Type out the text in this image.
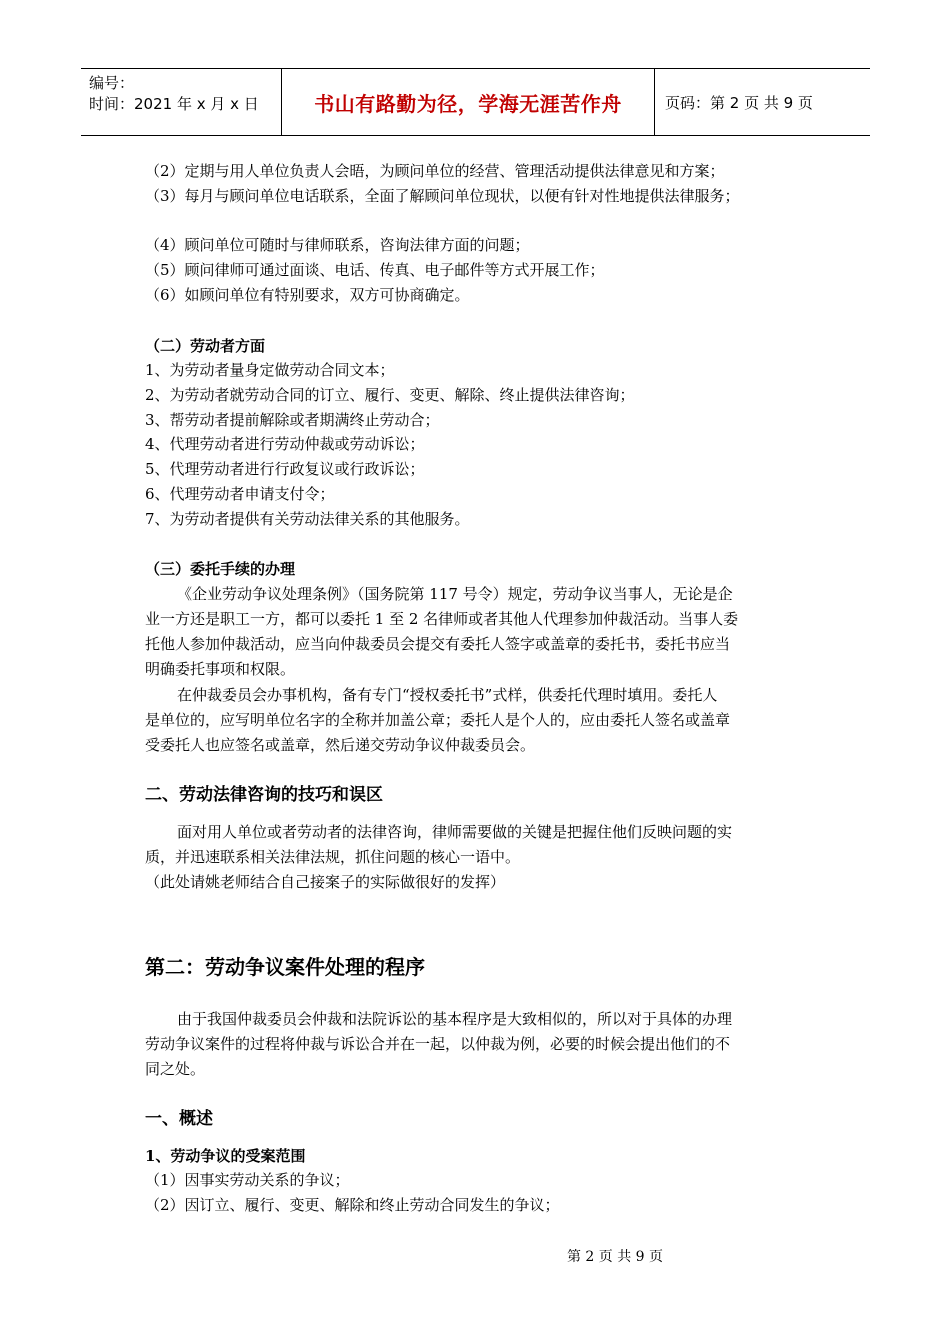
编号：
时间：2021 年 x 月 x 日	书山有路勤为径，学海无涯苦作舟	页码：第 2 页 共 9 页
（2）定期与用人单位负责人会晤，为顾问单位的经营、管理活动提供法律意见和方案；
（3）每月与顾问单位电话联系，全面了解顾问单位现状，以便有针对性地提供法律服务；
（4）顾问单位可随时与律师联系，咨询法律方面的问题；
（5）顾问律师可通过面谈、电话、传真、电子邮件等方式开展工作；
（6）如顾问单位有特别要求，双方可协商确定。
（二）劳动者方面
1、为劳动者量身定做劳动合同文本；
2、为劳动者就劳动合同的订立、履行、变更、解除、终止提供法律咨询；
3、帮劳动者提前解除或者期满终止劳动合；
4、代理劳动者进行劳动仲裁或劳动诉讼；
5、代理劳动者进行行政复议或行政诉讼；
6、代理劳动者申请支付令；
7、为劳动者提供有关劳动法律关系的其他服务。
（三）委托手续的办理
《企业劳动争议处理条例》（国务院第 117 号令）规定，劳动争议当事人，无论是企
业一方还是职工一方，都可以委托 1 至 2 名律师或者其他人代理参加仲裁活动。当事人委
托他人参加仲裁活动，应当向仲裁委员会提交有委托人签字或盖章的委托书，委托书应当
明确委托事项和权限。
在仲裁委员会办事机构，备有专门“授权委托书”式样，供委托代理时填用。委托人
是单位的，应写明单位名字的全称并加盖公章；委托人是个人的，应由委托人签名或盖章
受委托人也应签名或盖章，然后递交劳动争议仲裁委员会。
二、劳动法律咨询的技巧和误区
面对用人单位或者劳动者的法律咨询，律师需要做的关键是把握住他们反映问题的实
质，并迅速联系相关法律法规，抓住问题的核心一语中。
（此处请姚老师结合自己接案子的实际做很好的发挥）
第二：劳动争议案件处理的程序
由于我国仲裁委员会仲裁和法院诉讼的基本程序是大致相似的，所以对于具体的办理
劳动争议案件的过程将仲裁与诉讼合并在一起，以仲裁为例，必要的时候会提出他们的不
同之处。
一、概述
1、劳动争议的受案范围
（1）因事实劳动关系的争议；
（2）因订立、履行、变更、解除和终止劳动合同发生的争议；
第 2 页 共 9 页
